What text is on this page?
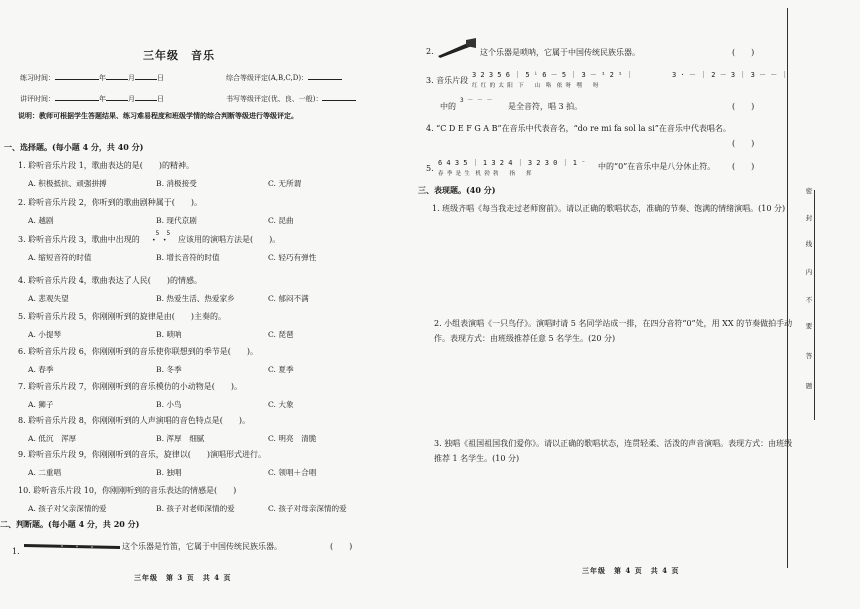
三年级　音乐
练习时间：	年	月	日	综合等级评定(A,B,C,D)：
讲评时间：	年	月	日	书写等级评定(优、良、一般)：
说明：教师可根据学生答题结果、练习难易程度和班级学情的综合判断等级进行等级评定。
一、选择题。(每小题 4 分，共 40 分)
1. 聆听音乐片段 1，歌曲表达的是(　　)的精神。
A. 积极抵抗、顽强拼搏	B. 消极接受	C. 无所谓
2. 聆听音乐片段 2，你听到的歌曲剧种属于(　　)。
A. 越剧	B. 现代京剧	C. 昆曲
3. 聆听音乐片段 3，歌曲中出现的
5  5
•  •	应该用的演唱方法是(　　)。
A. 缩短音符的时值	B. 增长音符的时值	C. 轻巧有弹性
4. 聆听音乐片段 4，歌曲表达了人民(　　)的情感。
A. 悲观失望	B. 热爱生活、热爱家乡	C. 郁闷不满
5. 聆听音乐片段 5，你刚刚听到的旋律是由(　　)主奏的。
A. 小提琴	B. 唢呐	C. 琵琶
6. 聆听音乐片段 6，你刚刚听到的音乐使你联想到的季节是(　　)。
A. 春季	B. 冬季	C. 夏季
7. 聆听音乐片段 7，你刚刚听到的音乐模仿的小动物是(　　)。
A. 狮子	B. 小鸟	C. 大象
8. 聆听音乐片段 8，你刚刚听到的人声演唱的音色特点是(　　)。
A. 低沉　浑厚	B. 浑厚　细腻	C. 明亮　清脆
9. 聆听音乐片段 9，你刚刚听到的音乐，旋律以(　　)演唱形式进行。
A. 二重唱	B. 独唱	C. 领唱＋合唱
10. 聆听音乐片段 10，你刚刚听到的音乐表达的情感是(　　)
A. 孩子对父亲深情的爱	B. 孩子对老师深情的爱	C. 孩子对母亲深情的爱
二、判断题。(每小题 4 分，共 20 分)
1.
这个乐器是竹笛，它属于中国传统民族乐器。	(　　)
三年级　第 3 页　共 4 页
2.	这个乐器是唢呐，它属于中国传统民族乐器。	(　　)
3. 音乐片段
3 2 3 5 6 ｜ 5 ⁱ 6 － 5 ｜ 3 － ¹ 2 ¹ ｜	3 · － ｜ 2 － 3 ｜ 3 － － ｜
红 红 的 太 阳　下　　山　咯　依 呀　嘿　　呀
中的
3 － － －
是全音符，唱 3 拍。	(　　)
4. “C D E F G A B”在音乐中代表音名，“do re mi fa sol la si”在音乐中代表唱名。
(　　)
5.
6 4 3 5 ｜ 1 3 2 4 ｜ 3 2 3 0 ｜ 1 ⁻
春 季 是 生　机 勃 勃　　指　　挥
中的“0”在音乐中是八分休止符。 (　　)
三、表现题。(40 分)
1. 班级齐唱《每当我走过老师窗前》。请以正确的歌唱状态，准确的节奏、饱满的情绪演唱。(10 分)
2. 小组表演唱《一只鸟仔》。演唱时请 5 名同学站成一排，在四分音符“0”处，用 XX 的节奏做拍手动作。表现方式：由班级推荐任意 5 名学生。(20 分)
3. 独唱《祖国祖国我们爱你》。请以正确的歌唱状态，连贯轻柔、活泼的声音演唱。表现方式：由班级推荐 1 名学生。(10 分)
密
封
线
内
不
要
答
题
三年级　第 4 页　共 4 页
